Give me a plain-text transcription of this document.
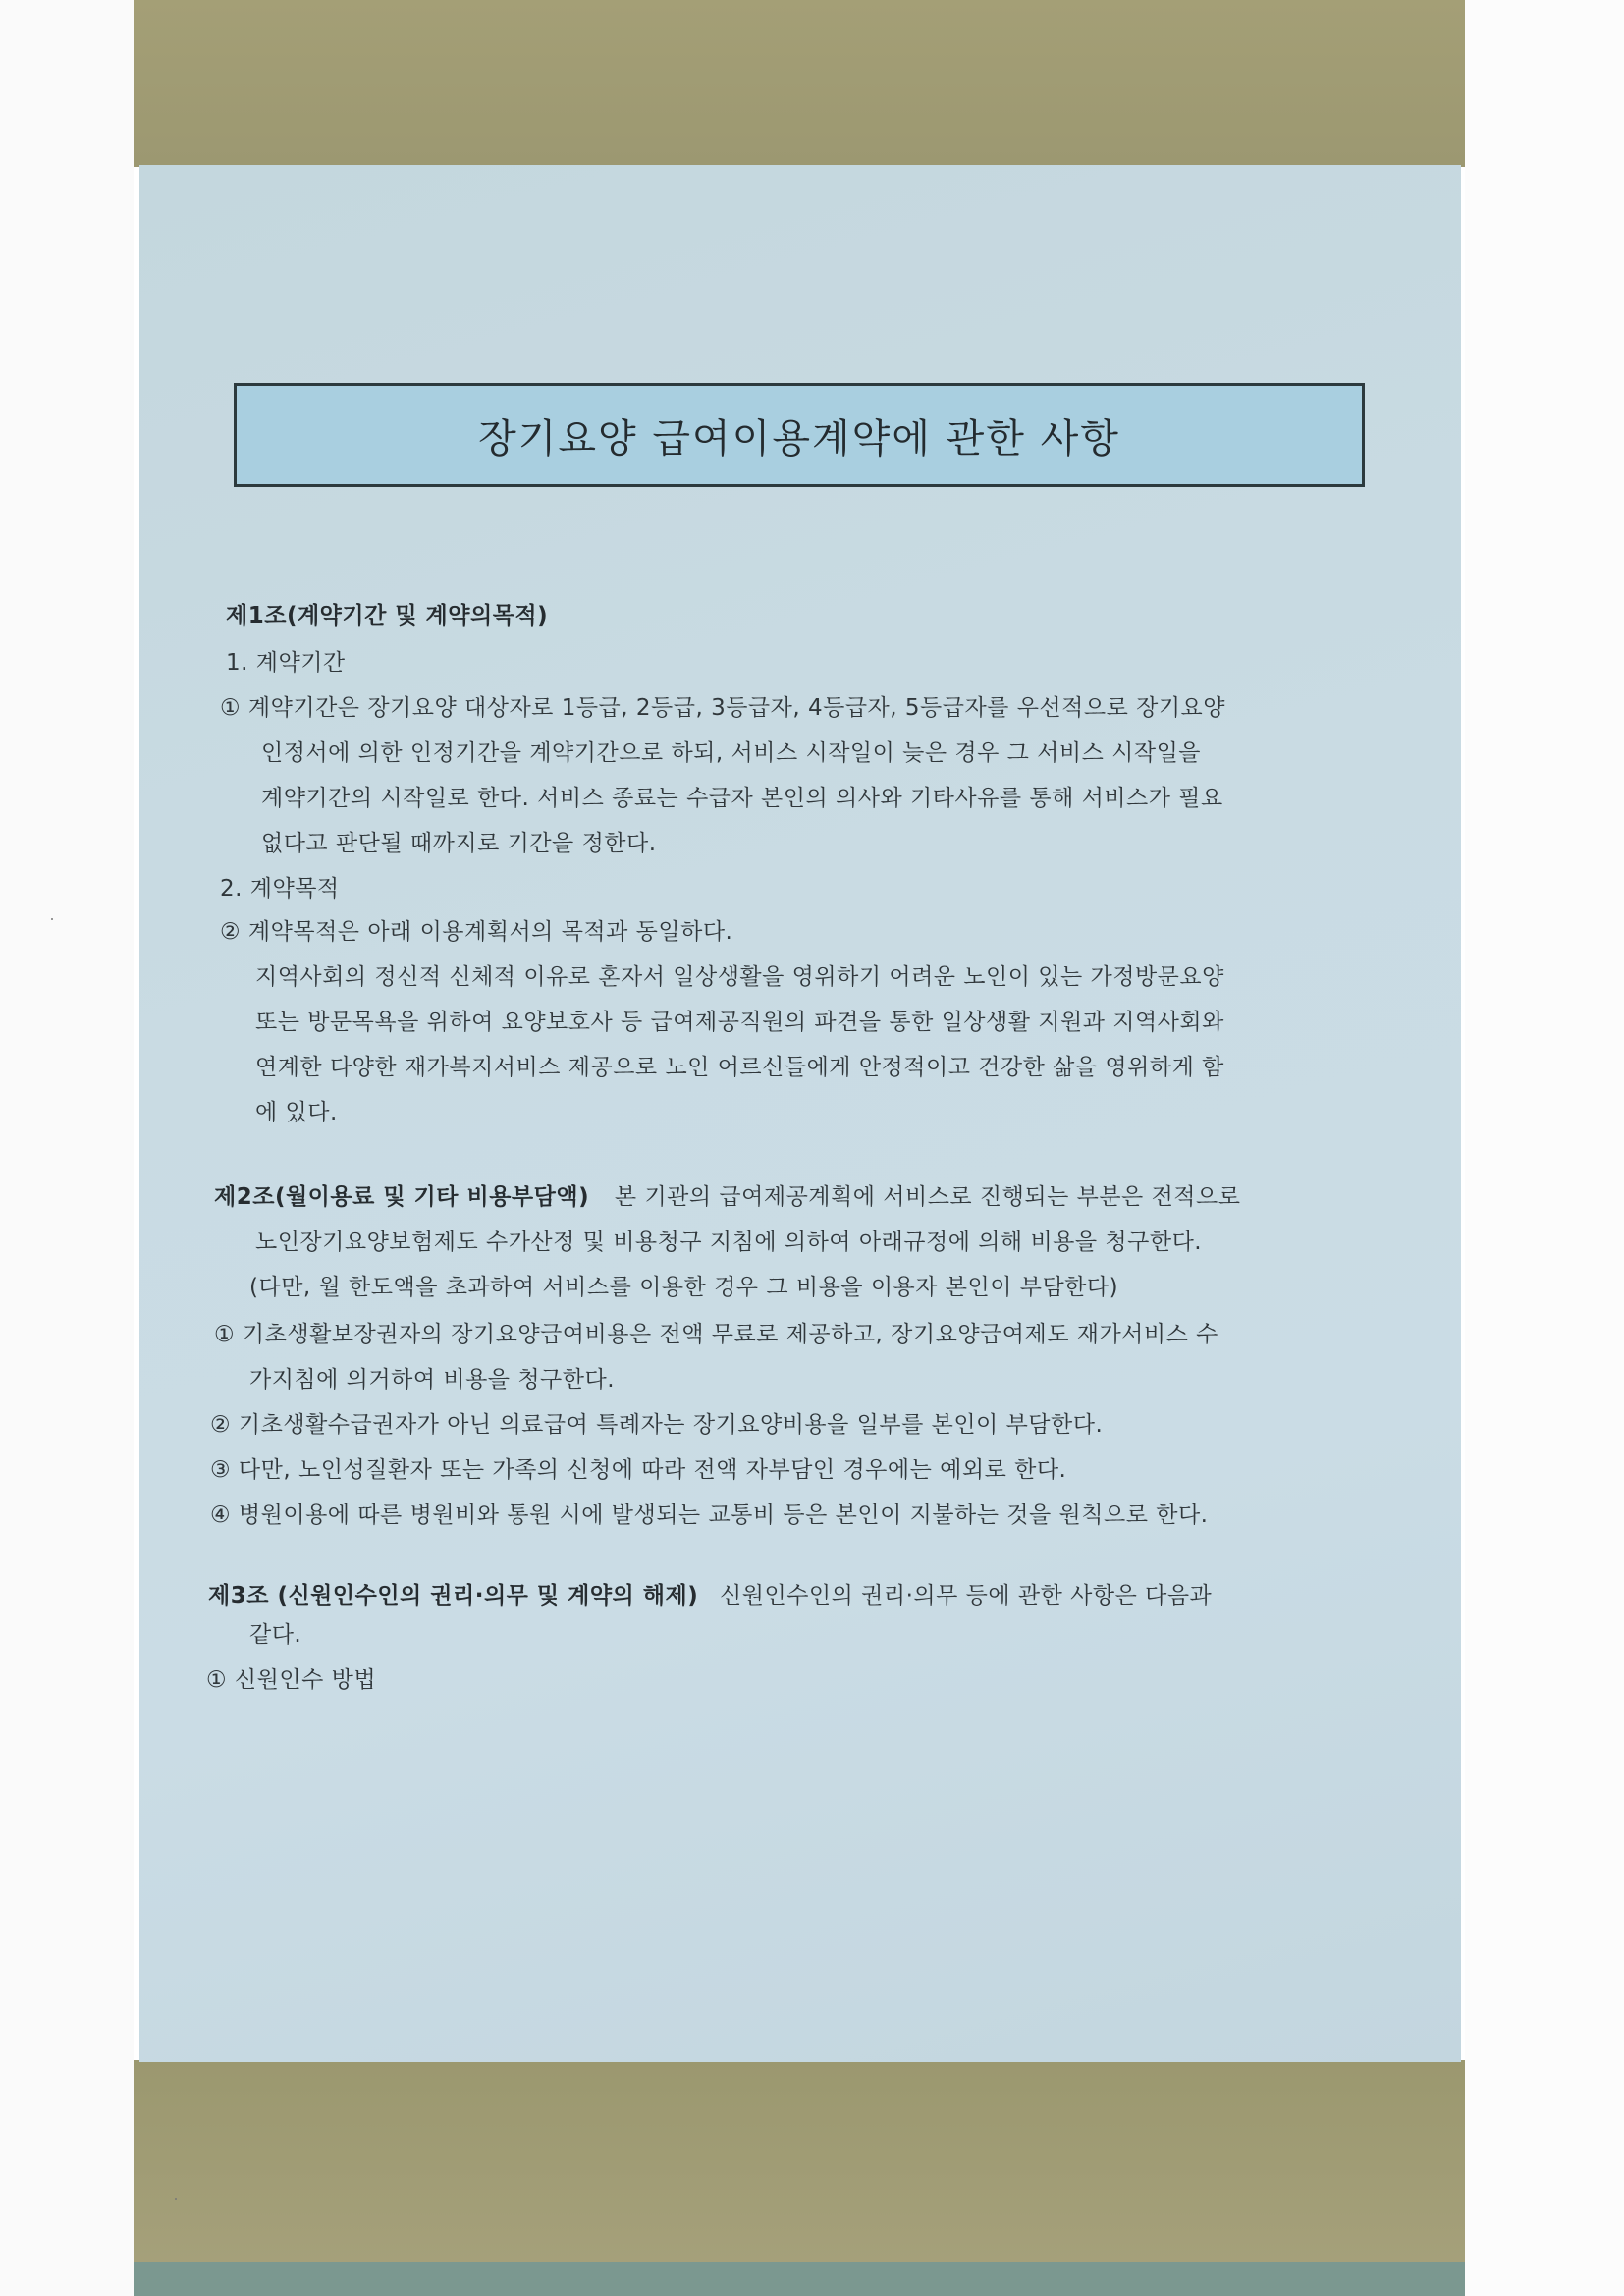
장기요양 급여이용계약에 관한 사항
제1조(계약기간 및 계약의목적)
1. 계약기간
① 계약기간은 장기요양 대상자로 1등급, 2등급, 3등급자, 4등급자, 5등급자를 우선적으로 장기요양
인정서에 의한 인정기간을 계약기간으로 하되, 서비스 시작일이 늦은 경우 그 서비스 시작일을
계약기간의 시작일로 한다. 서비스 종료는 수급자 본인의 의사와 기타사유를 통해 서비스가 필요
없다고 판단될 때까지로 기간을 정한다.
2. 계약목적
② 계약목적은 아래 이용계획서의 목적과 동일하다.
지역사회의 정신적 신체적 이유로 혼자서 일상생활을 영위하기 어려운 노인이 있는 가정방문요양
또는 방문목욕을 위하여 요양보호사 등 급여제공직원의 파견을 통한 일상생활 지원과 지역사회와
연계한 다양한 재가복지서비스 제공으로 노인 어르신들에게 안정적이고 건강한 삶을 영위하게 함
에 있다.
제2조(월이용료 및 기타 비용부담액) 본 기관의 급여제공계획에 서비스로 진행되는 부분은 전적으로
노인장기요양보험제도 수가산정 및 비용청구 지침에 의하여 아래규정에 의해 비용을 청구한다.
(다만, 월 한도액을 초과하여 서비스를 이용한 경우 그 비용을 이용자 본인이 부담한다)
① 기초생활보장권자의 장기요양급여비용은 전액 무료로 제공하고, 장기요양급여제도 재가서비스 수
가지침에 의거하여 비용을 청구한다.
② 기초생활수급권자가 아닌 의료급여 특례자는 장기요양비용을 일부를 본인이 부담한다.
③ 다만, 노인성질환자 또는 가족의 신청에 따라 전액 자부담인 경우에는 예외로 한다.
④ 병원이용에 따른 병원비와 통원 시에 발생되는 교통비 등은 본인이 지불하는 것을 원칙으로 한다.
제3조 (신원인수인의 권리·의무 및 계약의 해제) 신원인수인의 권리·의무 등에 관한 사항은 다음과
같다.
① 신원인수 방법
